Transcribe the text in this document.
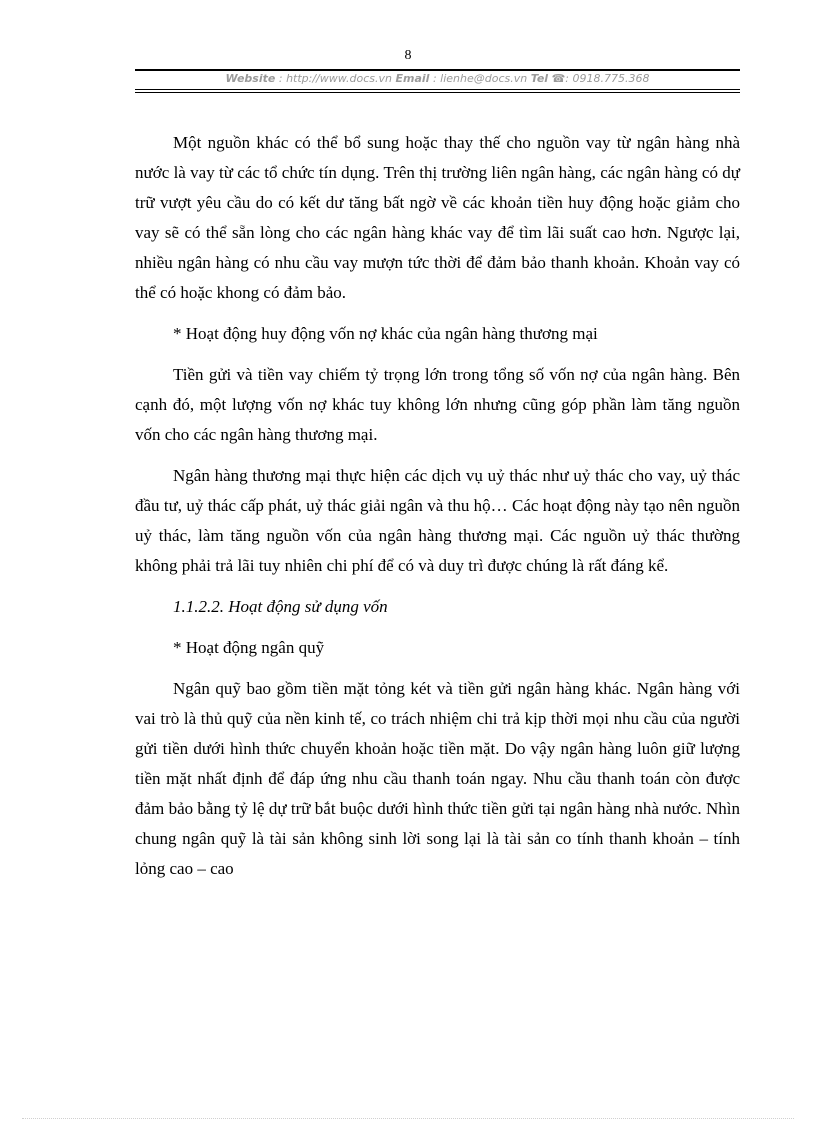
8
Website : http://www.docs.vn Email : lienhe@docs.vn Tel ☎: 0918.775.368

Một nguồn khác có thể bổ sung hoặc thay thế cho nguồn vay từ ngân hàng nhà nước là vay từ các tổ chức tín dụng. Trên thị trường liên ngân hàng, các ngân hàng có dự trữ vượt yêu cầu do có kết dư tăng bất ngờ về các khoản tiền huy động hoặc giảm cho vay sẽ có thể sẵn lòng cho các ngân hàng khác vay để tìm lãi suất cao hơn. Ngược lại, nhiều ngân hàng có nhu cầu vay mượn tức thời để đảm bảo thanh khoản. Khoản vay có thể có hoặc khong có đảm bảo.

* Hoạt động huy động vốn nợ khác của ngân hàng thương mại

Tiền gửi và tiền vay chiếm tỷ trọng lớn trong tổng số vốn nợ của ngân hàng. Bên cạnh đó, một lượng vốn nợ khác tuy không lớn nhưng cũng góp phần làm tăng nguồn vốn cho các ngân hàng thương mại.

Ngân hàng thương mại thực hiện các dịch vụ uỷ thác như uỷ thác cho vay, uỷ thác đầu tư, uỷ thác cấp phát, uỷ thác giải ngân và thu hộ… Các hoạt động này tạo nên nguồn uỷ thác, làm tăng nguồn vốn của ngân hàng thương mại. Các nguồn uỷ thác thường không phải trả lãi tuy nhiên chi phí để có và duy trì được chúng là rất đáng kể.

1.1.2.2. Hoạt động sử dụng vốn

* Hoạt động ngân quỹ

Ngân quỹ bao gồm tiền mặt tỏng két và tiền gửi ngân hàng khác. Ngân hàng với vai trò là thủ quỹ của nền kinh tế, co trách nhiệm chi trả kịp thời mọi nhu cầu của người gửi tiền dưới hình thức chuyển khoản hoặc tiền mặt. Do vậy ngân hàng luôn giữ lượng tiền mặt nhất định để đáp ứng nhu cầu thanh toán ngay. Nhu cầu thanh toán còn được đảm bảo bằng tỷ lệ dự trữ bắt buộc dưới hình thức tiền gửi tại ngân hàng nhà nước. Nhìn chung ngân quỹ là tài sản không sinh lời song lại là tài sản co tính thanh khoản – tính lỏng cao – cao
